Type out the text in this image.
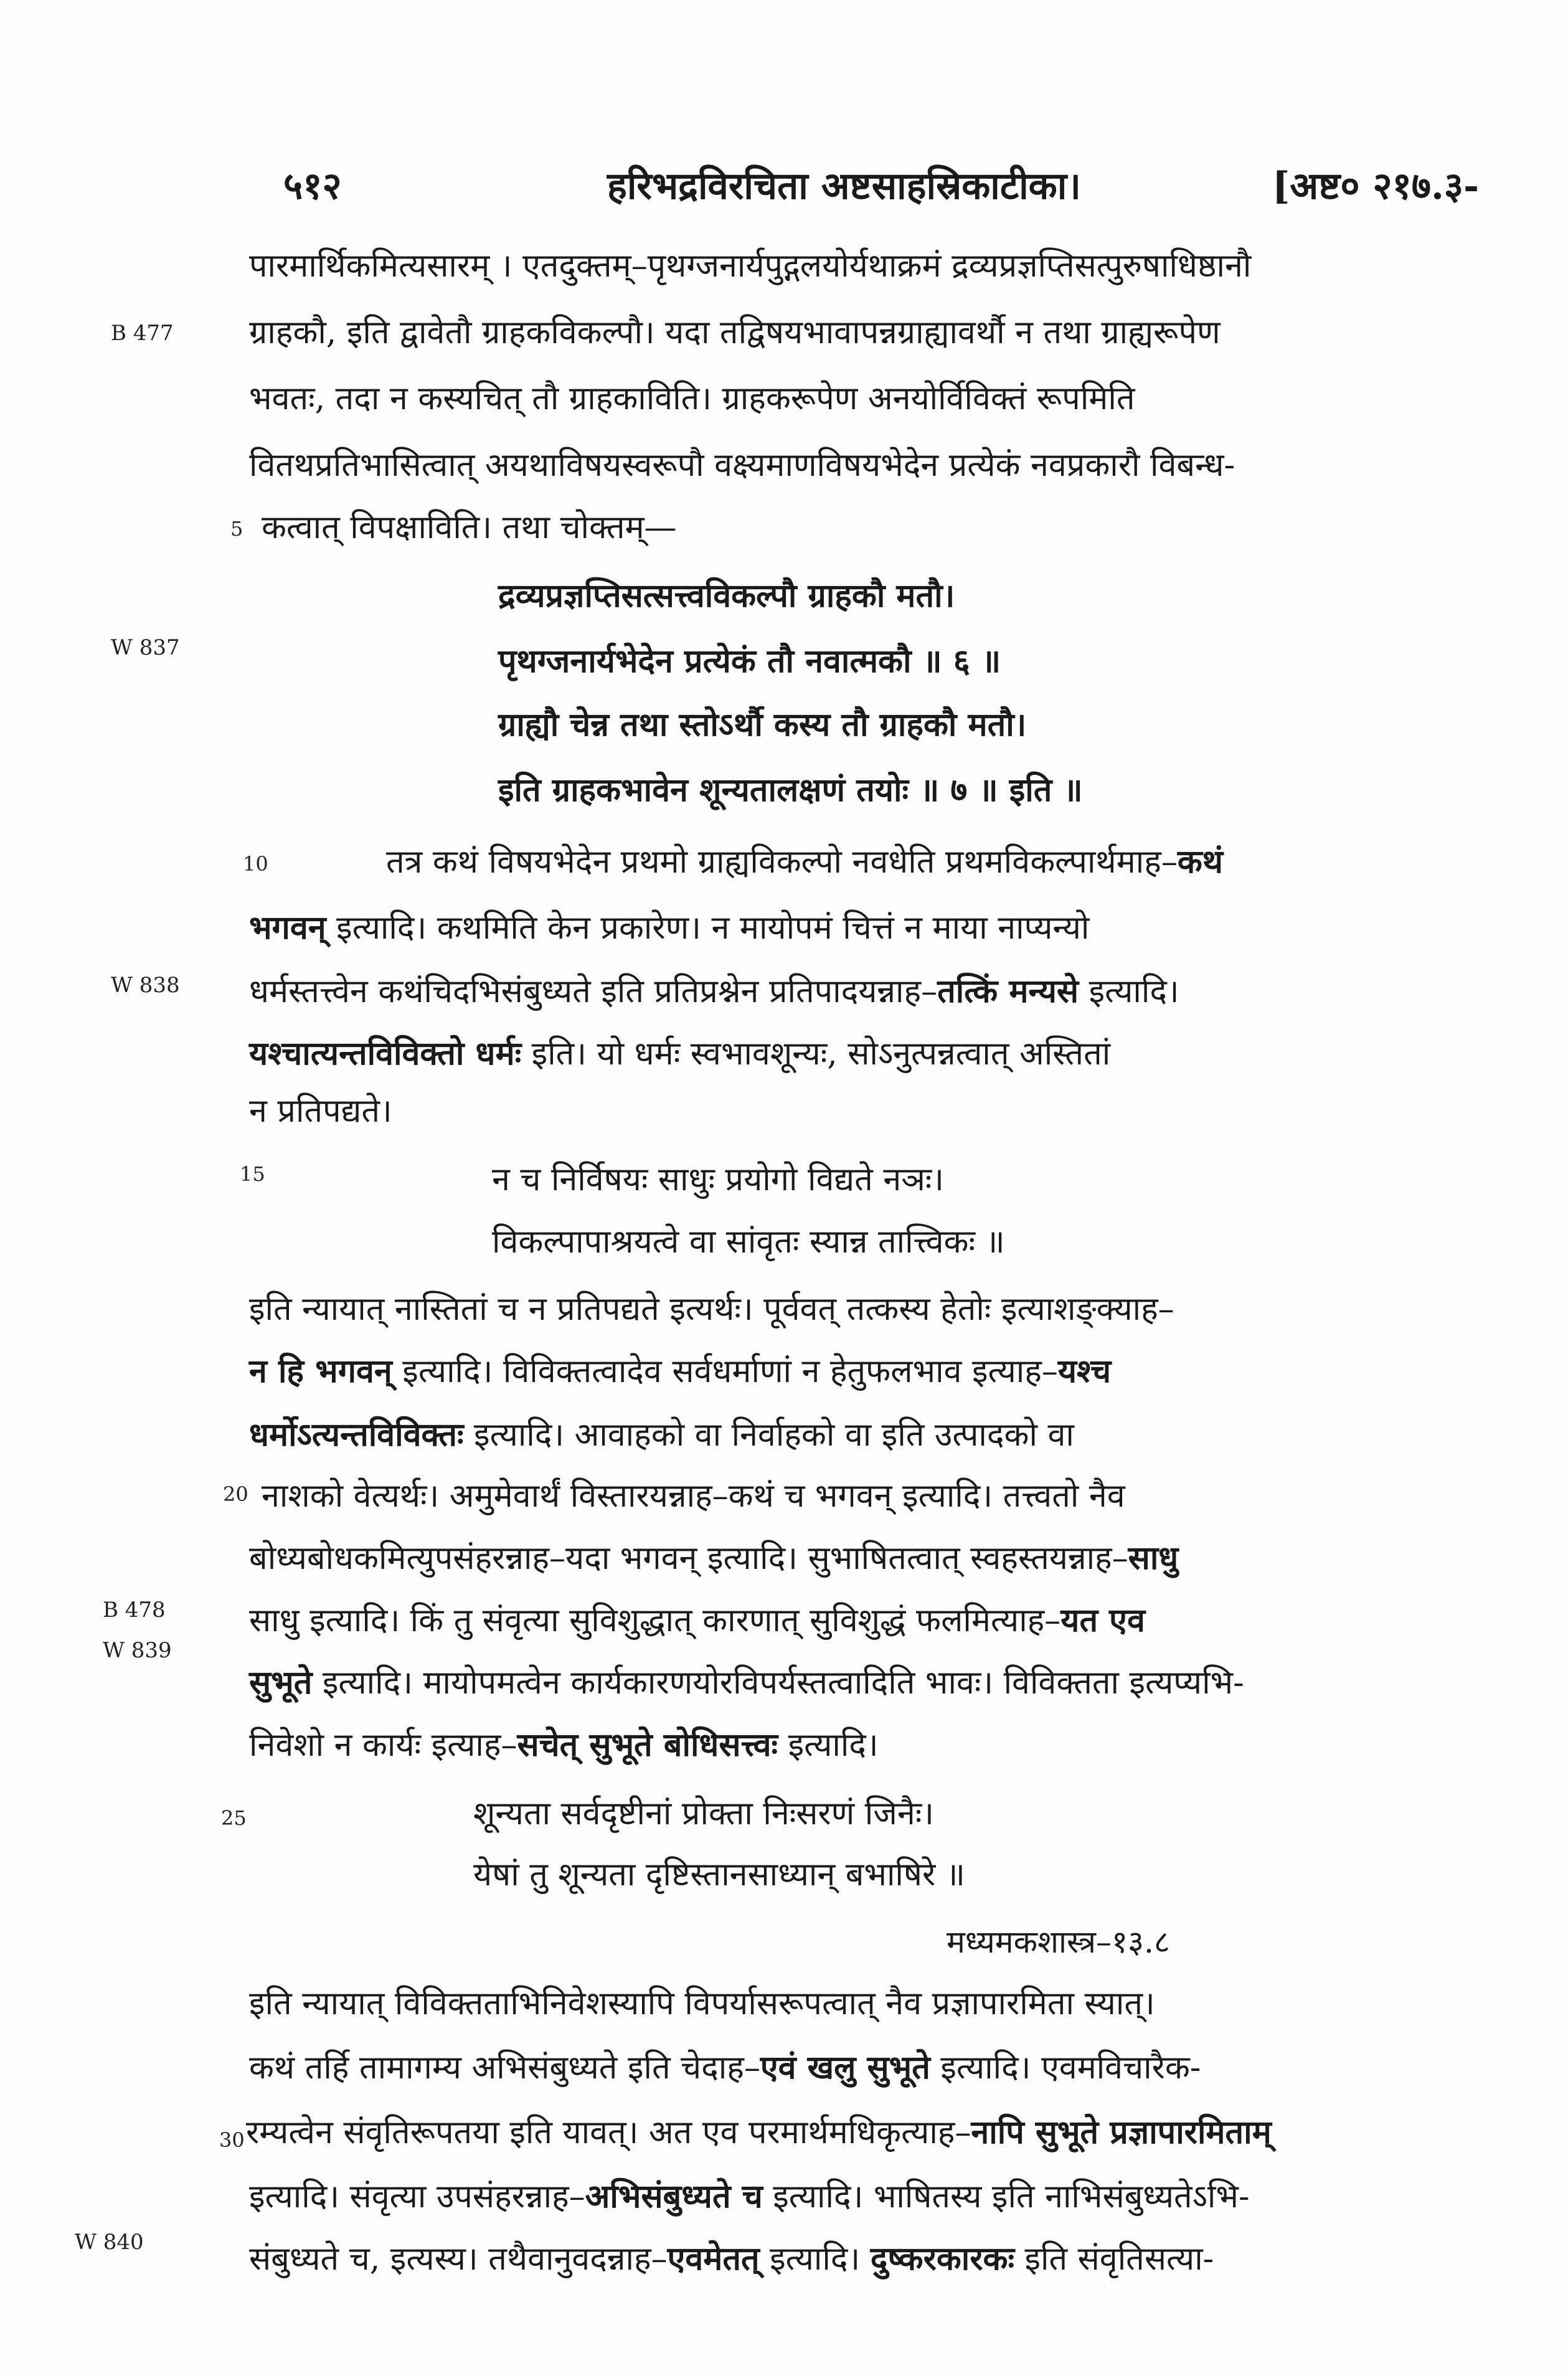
५१२	हरिभद्रविरचिता अष्टसाहस्रिकाटीका।	[अष्ट० २१७.३-
B 477
W 837
W 838
B 478
W 839
W 840
5
10
15
20
25
30
पारमार्थिकमित्यसारम् । एतदुक्तम्–पृथग्जनार्यपुद्गलयोर्यथाक्रमं द्रव्यप्रज्ञप्तिसत्पुरुषाधिष्ठानौ
ग्राहकौ, इति द्वावेतौ ग्राहकविकल्पौ। यदा तद्विषयभावापन्नग्राह्यावर्थौ न तथा ग्राह्यरूपेण
भवतः, तदा न कस्यचित् तौ ग्राहकाविति। ग्राहकरूपेण अनयोर्विविक्तं रूपमिति
वितथप्रतिभासित्वात् अयथाविषयस्वरूपौ वक्ष्यमाणविषयभेदेन प्रत्येकं नवप्रकारौ विबन्ध-
कत्वात् विपक्षाविति। तथा चोक्तम्—
द्रव्यप्रज्ञप्तिसत्सत्त्वविकल्पौ ग्राहकौ मतौ।
पृथग्जनार्यभेदेन प्रत्येकं तौ नवात्मकौ ॥ ६ ॥
ग्राह्यौ चेन्न तथा स्तोऽर्थौ कस्य तौ ग्राहकौ मतौ।
इति ग्राहकभावेन शून्यतालक्षणं तयोः ॥ ७ ॥ इति ॥
तत्र कथं विषयभेदेन प्रथमो ग्राह्यविकल्पो नवधेति प्रथमविकल्पार्थमाह–कथं
भगवन् इत्यादि। कथमिति केन प्रकारेण। न मायोपमं चित्तं न माया नाप्यन्यो
धर्मस्तत्त्वेन कथंचिदभिसंबुध्यते इति प्रतिप्रश्नेन प्रतिपादयन्नाह–तत्किं मन्यसे इत्यादि।
यश्चात्यन्तविविक्तो धर्मः इति। यो धर्मः स्वभावशून्यः, सोऽनुत्पन्नत्वात् अस्तितां
न प्रतिपद्यते।
न च निर्विषयः साधुः प्रयोगो विद्यते नञः।
विकल्पापाश्रयत्वे वा सांवृतः स्यान्न तात्त्विकः ॥
इति न्यायात् नास्तितां च न प्रतिपद्यते इत्यर्थः। पूर्ववत् तत्कस्य हेतोः इत्याशङ्क्याह–
न हि भगवन् इत्यादि। विविक्तत्वादेव सर्वधर्माणां न हेतुफलभाव इत्याह–यश्च
धर्मोऽत्यन्तविविक्तः इत्यादि। आवाहको वा निर्वाहको वा इति उत्पादको वा
नाशको वेत्यर्थः। अमुमेवार्थं विस्तारयन्नाह–कथं च भगवन् इत्यादि। तत्त्वतो नैव
बोध्यबोधकमित्युपसंहरन्नाह–यदा भगवन् इत्यादि। सुभाषितत्वात् स्वहस्तयन्नाह–साधु
साधु इत्यादि। किं तु संवृत्या सुविशुद्धात् कारणात् सुविशुद्धं फलमित्याह–यत एव
सुभूते इत्यादि। मायोपमत्वेन कार्यकारणयोरविपर्यस्तत्वादिति भावः। विविक्तता इत्यप्यभि-
निवेशो न कार्यः इत्याह–सचेत् सुभूते बोधिसत्त्वः इत्यादि।
शून्यता सर्वदृष्टीनां प्रोक्ता निःसरणं जिनैः।
येषां तु शून्यता दृष्टिस्तानसाध्यान् बभाषिरे ॥
मध्यमकशास्त्र–१३.८
इति न्यायात् विविक्तताभिनिवेशस्यापि विपर्यासरूपत्वात् नैव प्रज्ञापारमिता स्यात्।
कथं तर्हि तामागम्य अभिसंबुध्यते इति चेदाह–एवं खलु सुभूते इत्यादि। एवमविचारैक-
रम्यत्वेन संवृतिरूपतया इति यावत्। अत एव परमार्थमधिकृत्याह–नापि सुभूते प्रज्ञापारमिताम्
इत्यादि। संवृत्या उपसंहरन्नाह–अभिसंबुध्यते च इत्यादि। भाषितस्य इति नाभिसंबुध्यतेऽभि-
संबुध्यते च, इत्यस्य। तथैवानुवदन्नाह–एवमेतत् इत्यादि। दुष्करकारकः इति संवृतिसत्या-
